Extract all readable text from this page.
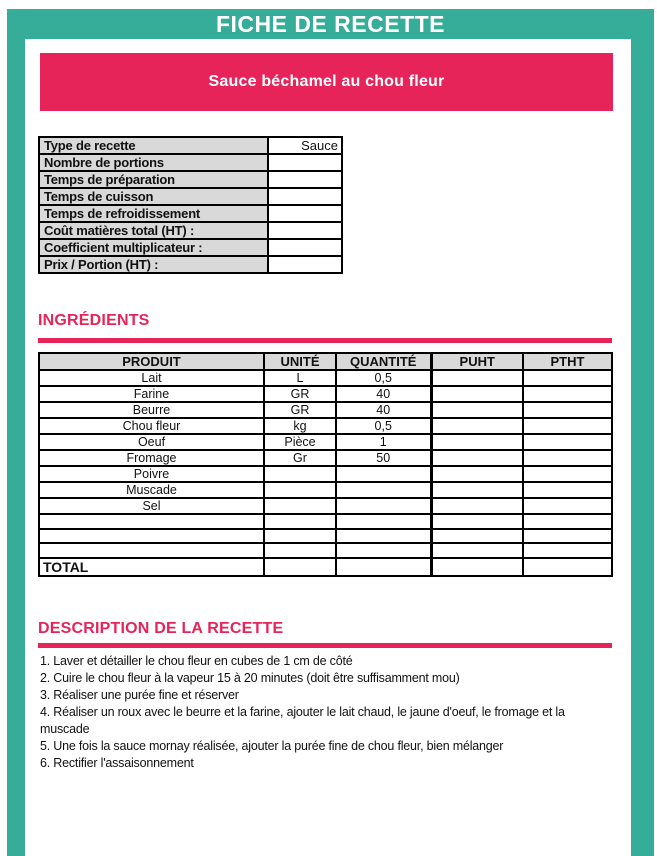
FICHE DE RECETTE
Sauce béchamel au chou fleur
Type de recette	Sauce
Nombre de portions	
Temps de préparation	
Temps de cuisson	
Temps de refroidissement	
Coût matières total (HT) :	
Coefficient multiplicateur :	
Prix / Portion (HT) :	
INGRÉDIENTS
PRODUIT	UNITÉ	QUANTITÉ	PUHT	PTHT
Lait	L	0,5		
Farine	GR	40		
Beurre	GR	40		
Chou fleur	kg	0,5		
Oeuf	Pièce	1		
Fromage	Gr	50		
Poivre				
Muscade				
Sel				

TOTAL				
DESCRIPTION DE LA RECETTE
1. Laver et détailler le chou fleur en cubes de 1 cm de côté
2. Cuire le chou fleur à la vapeur 15 à 20 minutes (doit être suffisamment mou)
3. Réaliser une purée fine et réserver
4. Réaliser un roux avec le beurre et la farine, ajouter le lait chaud, le jaune d'oeuf, le fromage et la muscade
5. Une fois la sauce mornay réalisée, ajouter la purée fine de chou fleur, bien mélanger
6. Rectifier l'assaisonnement
